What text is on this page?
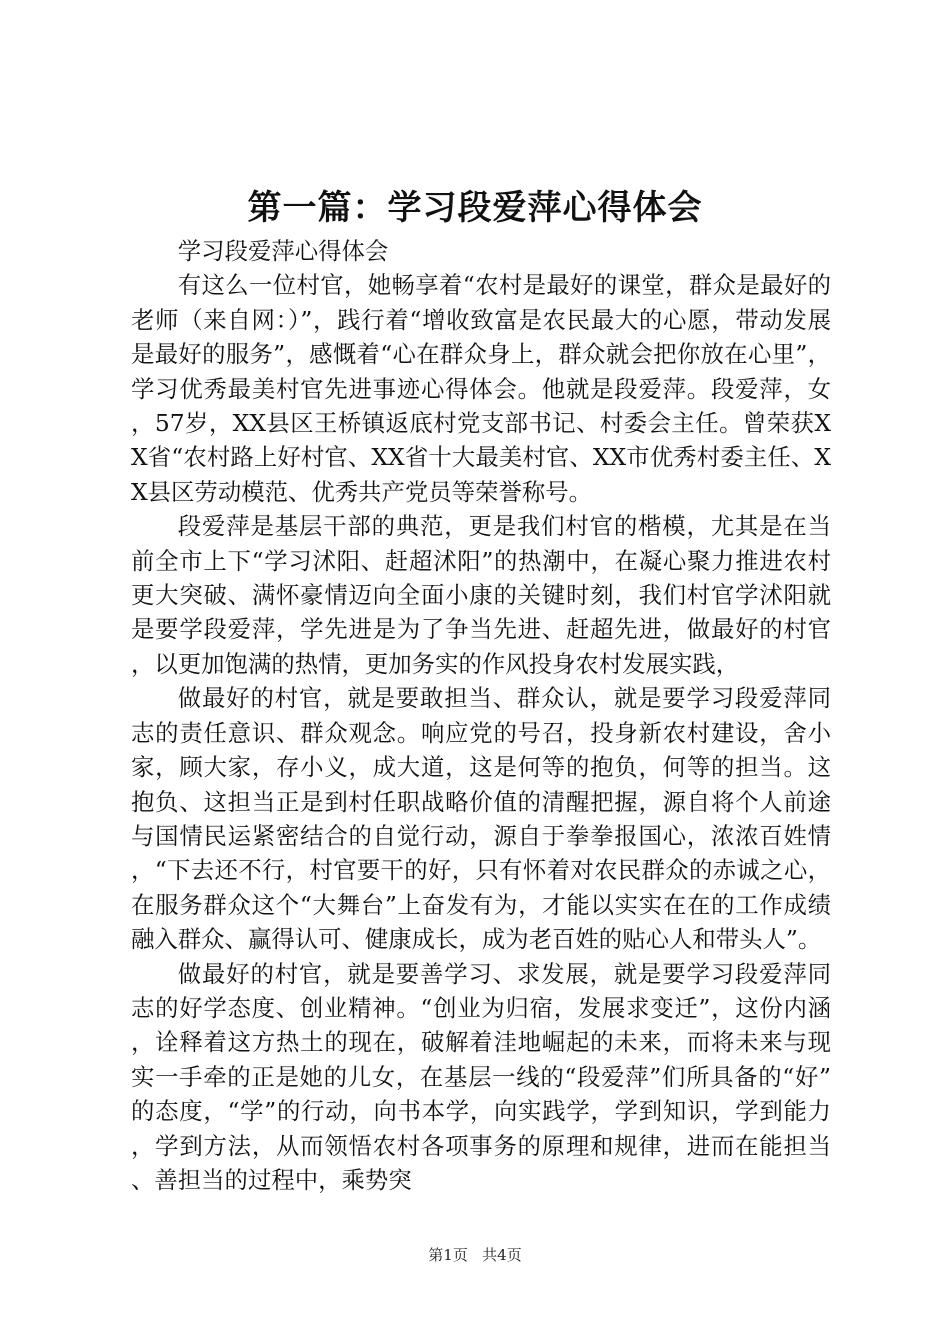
第一篇：学习段爱萍心得体会

学习段爱萍心得体会

有这么一位村官，她畅享着“农村是最好的课堂，群众是最好的老师（来自网：）”，践行着“增收致富是农民最大的心愿，带动发展是最好的服务”，感慨着“心在群众身上，群众就会把你放在心里”，学习优秀最美村官先进事迹心得体会。他就是段爱萍。段爱萍，女，57岁，XX县区王桥镇返底村党支部书记、村委会主任。曾荣获XX省“农村路上好村官、XX省十大最美村官、XX市优秀村委主任、XX县区劳动模范、优秀共产党员等荣誉称号。

段爱萍是基层干部的典范，更是我们村官的楷模，尤其是在当前全市上下“学习沭阳、赶超沭阳”的热潮中，在凝心聚力推进农村更大突破、满怀豪情迈向全面小康的关键时刻，我们村官学沭阳就是要学段爱萍，学先进是为了争当先进、赶超先进，做最好的村官，以更加饱满的热情，更加务实的作风投身农村发展实践，

做最好的村官，就是要敢担当、群众认，就是要学习段爱萍同志的责任意识、群众观念。响应党的号召，投身新农村建设，舍小家，顾大家，存小义，成大道，这是何等的抱负，何等的担当。这抱负、这担当正是到村任职战略价值的清醒把握，源自将个人前途与国情民运紧密结合的自觉行动，源自于拳拳报国心，浓浓百姓情，“下去还不行，村官要干的好，只有怀着对农民群众的赤诚之心，在服务群众这个“大舞台”上奋发有为，才能以实实在在的工作成绩融入群众、赢得认可、健康成长，成为老百姓的贴心人和带头人”。

做最好的村官，就是要善学习、求发展，就是要学习段爱萍同志的好学态度、创业精神。“创业为归宿，发展求变迁”，这份内涵，诠释着这方热土的现在，破解着洼地崛起的未来，而将未来与现实一手牵的正是她的儿女，在基层一线的“段爱萍”们所具备的“好”的态度，“学”的行动，向书本学，向实践学，学到知识，学到能力，学到方法，从而领悟农村各项事务的原理和规律，进而在能担当、善担当的过程中，乘势突

第1页 共4页
